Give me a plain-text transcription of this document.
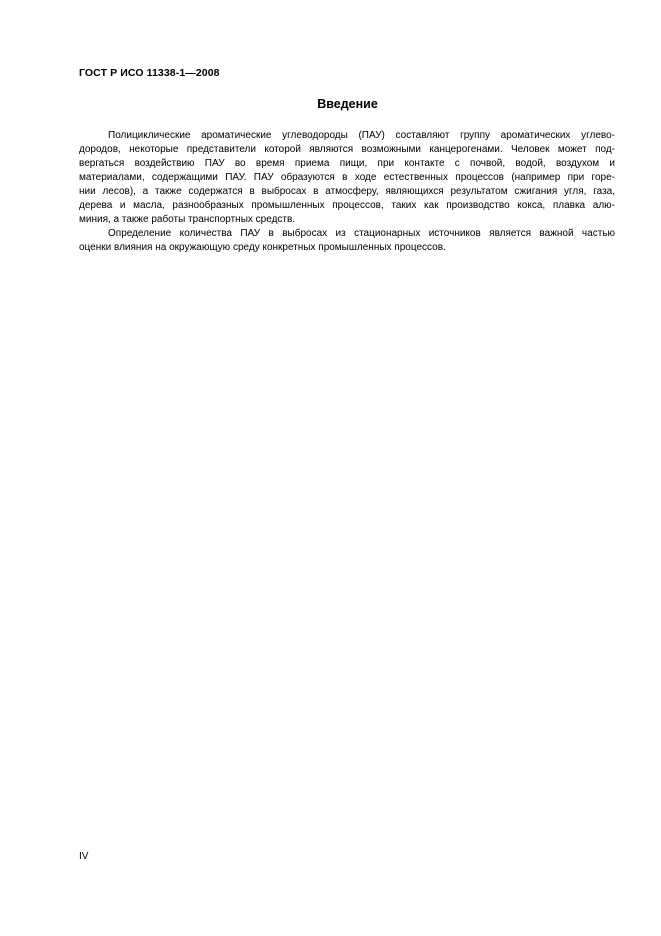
ГОСТ Р ИСО 11338-1—2008
Введение
Полициклические ароматические углеводороды (ПАУ) составляют группу ароматических углево-
дородов, некоторые представители которой являются возможными канцерогенами. Человек может под-
вергаться воздействию ПАУ во время приема пищи, при контакте с почвой, водой, воздухом и
материалами, содержащими ПАУ. ПАУ образуются в ходе естественных процессов (например при горе-
нии лесов), а также содержатся в выбросах в атмосферу, являющихся результатом сжигания угля, газа,
дерева и масла, разнообразных промышленных процессов, таких как производство кокса, плавка алю-
миния, а также работы транспортных средств.
Определение количества ПАУ в выбросах из стационарных источников является важной частью
оценки влияния на окружающую среду конкретных промышленных процессов.
IV
